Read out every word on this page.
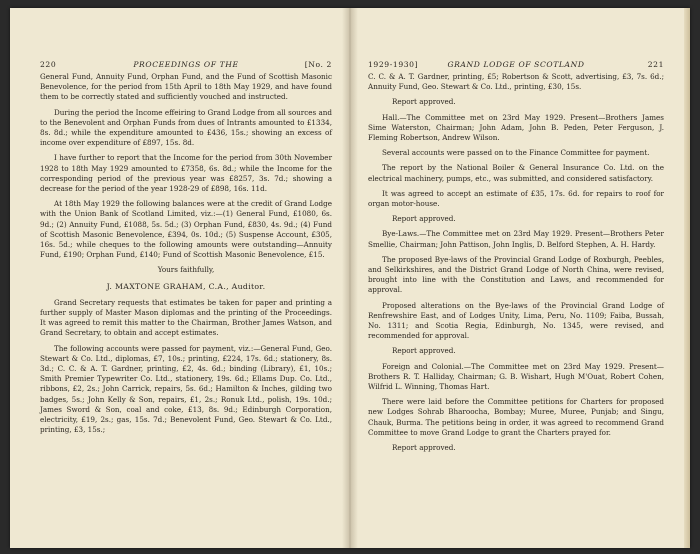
220	PROCEEDINGS OF THE	[No. 2	1929-1930]	GRAND LODGE OF SCOTLAND	221

General Fund, Annuity Fund, Orphan Fund, and the Fund of Scottish Masonic Benevolence, for the period from 15th April to 18th May 1929, and have found them to be correctly stated and sufficiently vouched and instructed.

During the period the Income effeiring to Grand Lodge from all sources and to the Benevolent and Orphan Funds from dues of Intrants amounted to £1334, 8s. 8d.; while the expenditure amounted to £436, 15s.; showing an excess of income over expenditure of £897, 15s. 8d.

I have further to report that the Income for the period from 30th November 1928 to 18th May 1929 amounted to £7358, 6s. 8d.; while the Income for the corresponding period of the previous year was £8257, 3s. 7d.; showing a decrease for the period of the year 1928-29 of £898, 16s. 11d.

At 18th May 1929 the following balances were at the credit of Grand Lodge with the Union Bank of Scotland Limited, viz.:—(1) General Fund, £1080, 6s. 9d.; (2) Annuity Fund, £1088, 5s. 5d.; (3) Orphan Fund, £830, 4s. 9d.; (4) Fund of Scottish Masonic Benevolence, £394, 0s. 10d.; (5) Suspense Account, £305, 16s. 5d.; while cheques to the following amounts were outstanding—Annuity Fund, £190; Orphan Fund, £140; Fund of Scottish Masonic Benevolence, £15.

Yours faithfully,

J. MAXTONE GRAHAM, C.A., Auditor.

Grand Secretary requests that estimates be taken for paper and printing a further supply of Master Mason diplomas and the printing of the Proceedings. It was agreed to remit this matter to the Chairman, Brother James Watson, and Grand Secretary, to obtain and accept estimates.

The following accounts were passed for payment, viz.:—General Fund, Geo. Stewart & Co. Ltd., diplomas, £7, 10s.; printing, £224, 17s. 6d.; stationery, 8s. 3d.; C. C. & A. T. Gardner, printing, £2, 4s. 6d.; binding (Library), £1, 10s.; Smith Premier Typewriter Co. Ltd., stationery, 19s. 6d.; Ellams Dup. Co. Ltd., ribbons, £2, 2s.; John Carrick, repairs, 5s. 6d.; Hamilton & Inches, gilding two badges, 5s.; John Kelly & Son, repairs, £1, 2s.; Ronuk Ltd., polish, 19s. 10d.; James Sword & Son, coal and coke, £13, 8s. 9d.; Edinburgh Corporation, electricity, £19, 2s.; gas, 15s. 7d.; Benevolent Fund, Geo. Stewart & Co. Ltd., printing, £3, 15s.;

C. C. & A. T. Gardner, printing, £5; Robertson & Scott, advertising, £3, 7s. 6d.; Annuity Fund, Geo. Stewart & Co. Ltd., printing, £30, 15s.

Report approved.

Hall.—The Committee met on 23rd May 1929. Present—Brothers James Sime Waterston, Chairman; John Adam, John B. Peden, Peter Ferguson, J. Fleming Robertson, Andrew Wilson.

Several accounts were passed on to the Finance Committee for payment.

The report by the National Boiler & General Insurance Co. Ltd. on the electrical machinery, pumps, etc., was submitted, and considered satisfactory.

It was agreed to accept an estimate of £35, 17s. 6d. for repairs to roof for organ motor-house.

Report approved.

Bye-Laws.—The Committee met on 23rd May 1929. Present—Brothers Peter Smellie, Chairman; John Pattison, John Inglis, D. Belford Stephen, A. H. Hardy.

The proposed Bye-laws of the Provincial Grand Lodge of Roxburgh, Peebles, and Selkirkshires, and the District Grand Lodge of North China, were revised, brought into line with the Constitution and Laws, and recommended for approval.

Proposed alterations on the Bye-laws of the Provincial Grand Lodge of Renfrewshire East, and of Lodges Unity, Lima, Peru, No. 1109; Faiba, Bussah, No. 1311; and Scotia Regia, Edinburgh, No. 1345, were revised, and recommended for approval.

Report approved.

Foreign and Colonial.—The Committee met on 23rd May 1929. Present—Brothers R. T. Halliday, Chairman; G. B. Wishart, Hugh M'Ouat, Robert Cohen, Wilfrid L. Winning, Thomas Hart.

There were laid before the Committee petitions for Charters for proposed new Lodges Sohrab Bharoocha, Bombay; Muree, Muree, Punjab; and Singu, Chauk, Burma. The petitions being in order, it was agreed to recommend Grand Committee to move Grand Lodge to grant the Charters prayed for.

Report approved.
